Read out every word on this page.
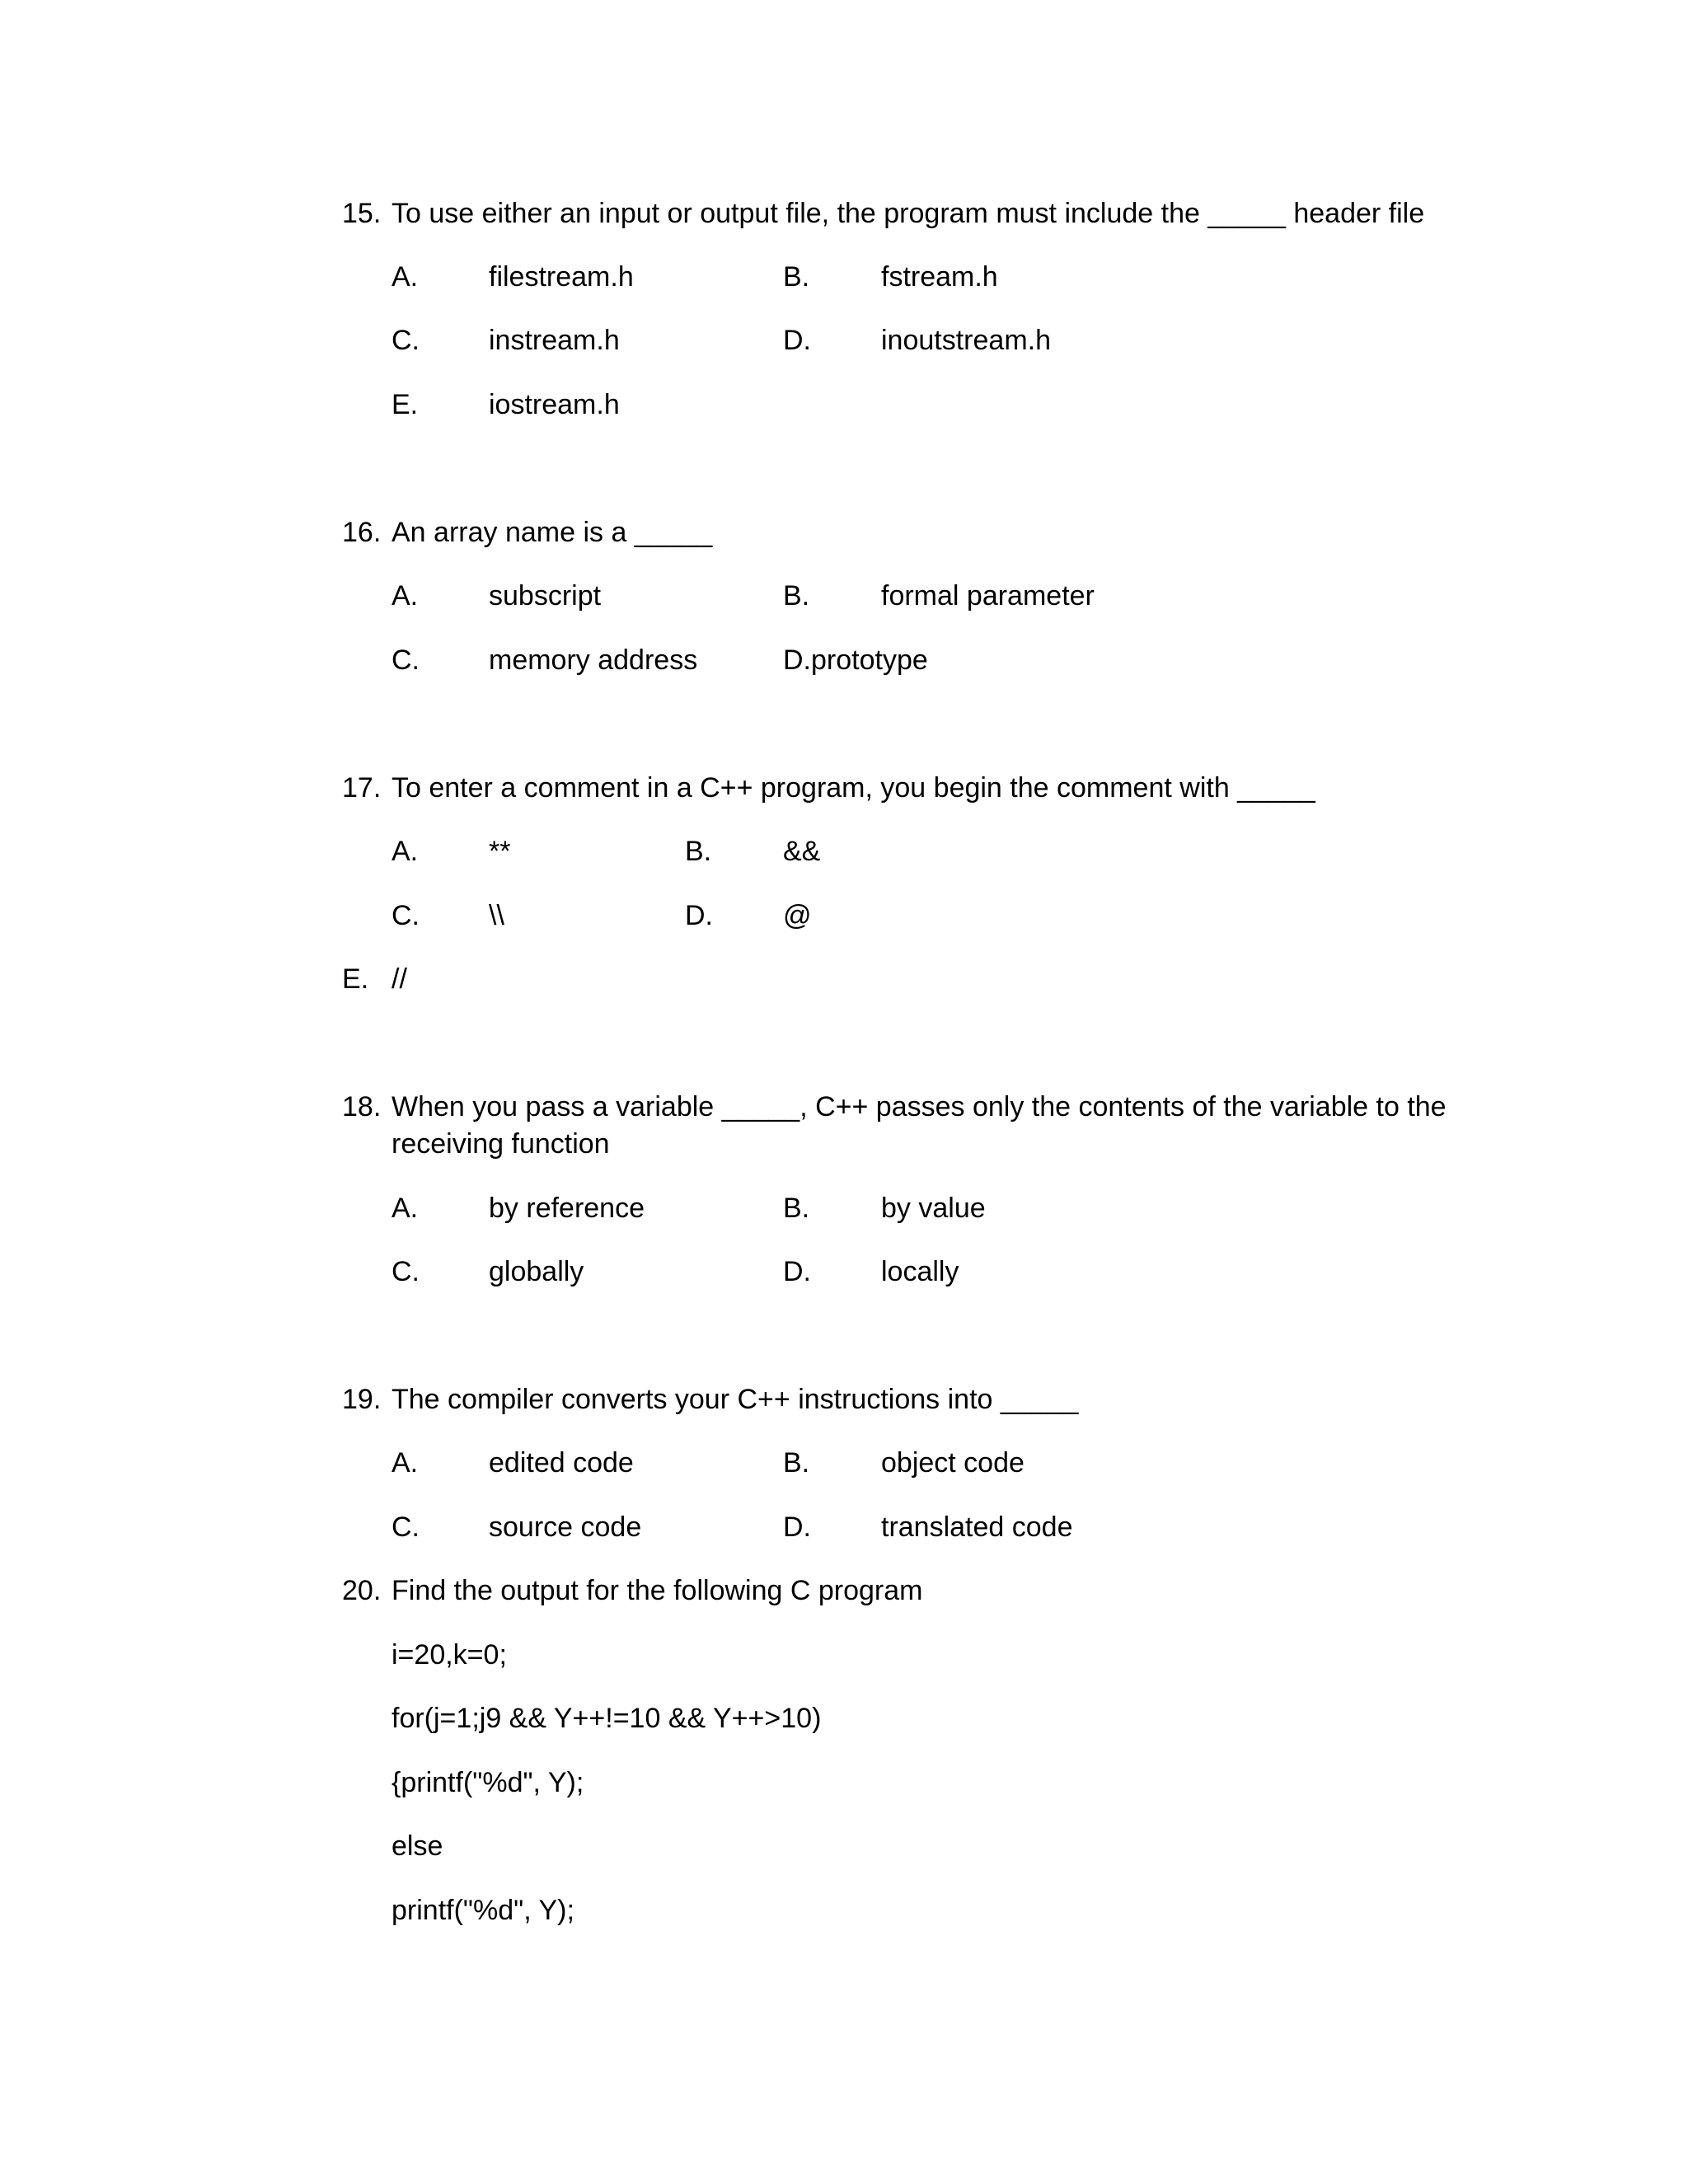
15. To use either an input or output file, the program must include the _____ header file
A.	filestream.h	B.	fstream.h
C. instream.h	D.	inoutstream.h
E.	iostream.h
16. An array name is a _____
A.	subscript	B.	formal parameter
C. memory address	D.prototype
17. To enter a comment in a C++ program, you begin the comment with _____
A.	**	B.	&&
C. \\	D.	@
E. //
18. When you pass a variable _____, C++ passes only the contents of the variable to the
receiving function
A.	by reference	B.	by value
C. globally	D.	locally
19. The compiler converts your C++ instructions into _____
A.	edited code	B.	object code
C. source code	D.	translated code
20. Find the output for the following C program
i=20,k=0;
for(j=1;j9 && Y++!=10 && Y++>10)
{printf("%d", Y);
else
printf("%d", Y);
